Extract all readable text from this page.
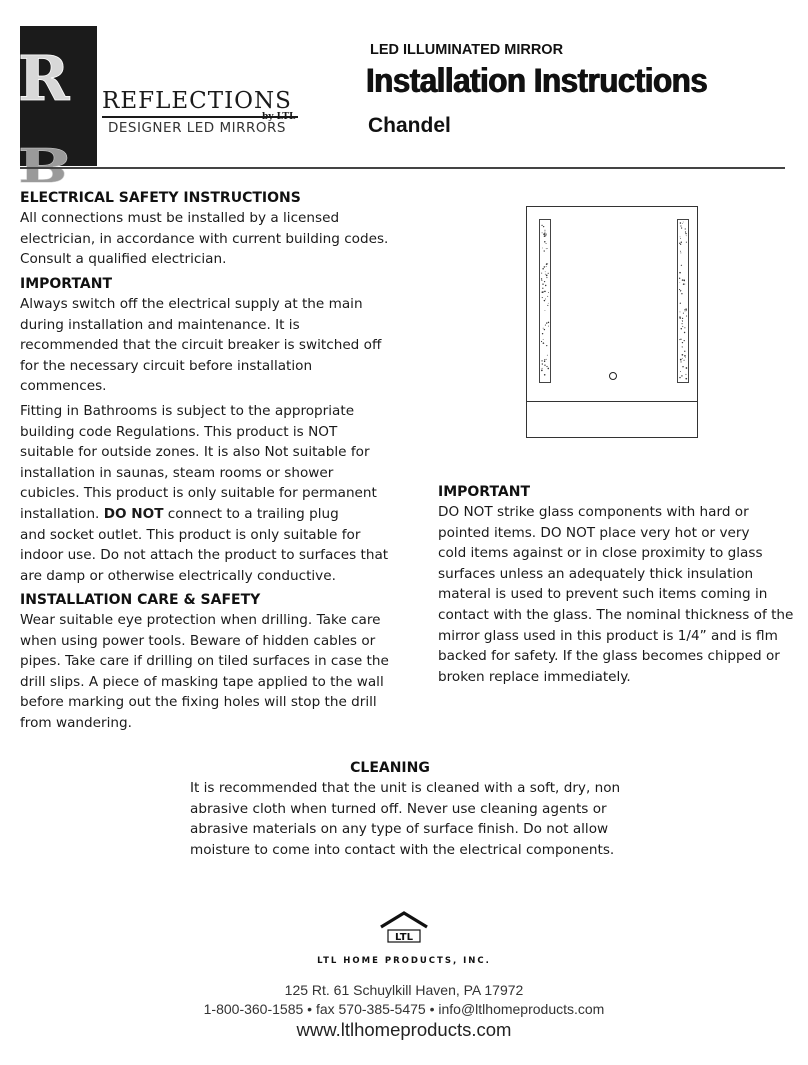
R
B
REFLECTIONS
by LTL
DESIGNER LED MIRRORS
LED ILLUMINATED MIRROR
Installation Instructions
Chandel
ELECTRICAL SAFETY INSTRUCTIONS
All connections must be installed by a licensed
electrician, in accordance with current building codes.
Consult a qualified electrician.
IMPORTANT
Always switch off the electrical supply at the main
during installation and maintenance. It is
recommended that the circuit breaker is switched off
for the necessary circuit before installation
commences.
Fitting in Bathrooms is subject to the appropriate
building code Regulations. This product is NOT
suitable for outside zones. It is also Not suitable for
installation in saunas, steam rooms or shower
cubicles. This product is only suitable for permanent
installation. DO NOT connect to a trailing plug
and socket outlet. This product is only suitable for
indoor use. Do not attach the product to surfaces that
are damp or otherwise electrically conductive.
INSTALLATION CARE & SAFETY
Wear suitable eye protection when drilling. Take care
when using power tools. Beware of hidden cables or
pipes. Take care if drilling on tiled surfaces in case the
drill slips. A piece of masking tape applied to the wall
before marking out the fixing holes will stop the drill
from wandering.
IMPORTANT
DO NOT strike glass components with hard or
pointed items. DO NOT place very hot or very
cold items against or in close proximity to glass
surfaces unless an adequately thick insulation
materal is used to prevent such items coming in
contact with the glass. The nominal thickness of the
mirror glass used in this product is 1/4” and is flm
backed for safety. If the glass becomes chipped or
broken replace immediately.
CLEANING
It is recommended that the unit is cleaned with a soft, dry, non
abrasive cloth when turned off. Never use cleaning agents or
abrasive materials on any type of surface finish. Do not allow
moisture to come into contact with the electrical components.
LTL
LTL HOME PRODUCTS, INC.
125 Rt. 61 Schuylkill Haven, PA 17972
1-800-360-1585 • fax 570-385-5475 • info@ltlhomeproducts.com
www.ltlhomeproducts.com
